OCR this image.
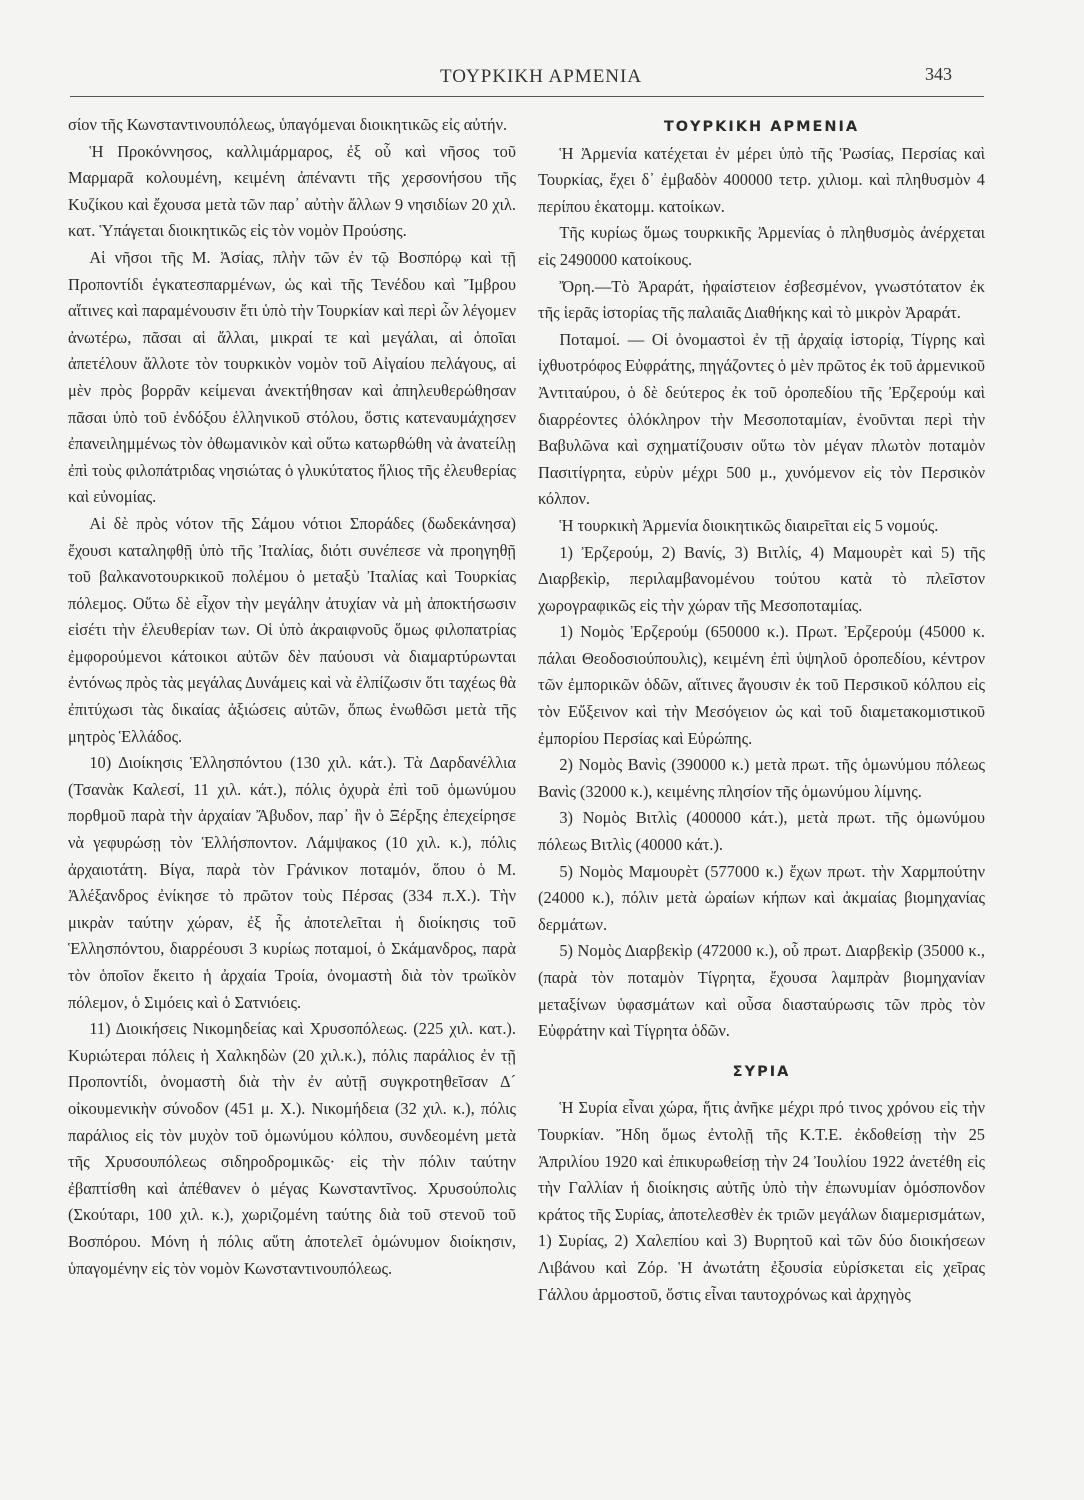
ΤΟΥΡΚΙΚΗ ΑΡΜΕΝΙΑ	343

σίον τῆς Κωνσταντινουπόλεως, ὑπαγόμεναι διοικητικῶς εἰς αὐτήν.

Ἡ Προκόννησος, καλλιμάρμαρος, ἐξ οὗ καὶ νῆσος τοῦ Μαρμαρᾶ κολουμένη, κειμένη ἀπέναντι τῆς χερσονήσου τῆς Κυζίκου καὶ ἔχουσα μετὰ τῶν παρ᾽ αὐτὴν ἄλλων 9 νησιδίων 20 χιλ. κατ. Ὑπάγεται διοικητικῶς εἰς τὸν νομὸν Προύσης.

Αἱ νῆσοι τῆς Μ. Ἀσίας, πλὴν τῶν ἐν τῷ Βοσπόρῳ καὶ τῇ Προποντίδι ἐγκατεσπαρμένων, ὡς καὶ τῆς Τενέδου καὶ Ἴμβρου αἵτινες καὶ παραμένουσιν ἔτι ὑπὸ τὴν Τουρκίαν καὶ περὶ ὧν λέγομεν ἀνωτέρω, πᾶσαι αἱ ἄλλαι, μικραί τε καὶ μεγάλαι, αἱ ὁποῖαι ἀπετέλουν ἄλλοτε τὸν τουρκικὸν νομὸν τοῦ Αἰγαίου πελάγους, αἱ μὲν πρὸς βορρᾶν κείμεναι ἀνεκτήθησαν καὶ ἀπηλευθερώθησαν πᾶσαι ὑπὸ τοῦ ἐνδόξου ἑλληνικοῦ στόλου, ὅστις κατεναυμάχησεν ἐπανειλημμένως τὸν ὀθωμανικὸν καὶ οὕτω κατωρθώθη νὰ ἀνατείλῃ ἐπὶ τοὺς φιλοπάτριδας νησιώτας ὁ γλυκύτατος ἥλιος τῆς ἐλευθερίας καὶ εὐνομίας.

Αἱ δὲ πρὸς νότον τῆς Σάμου νότιοι Σποράδες (δωδεκάνησα) ἔχουσι καταληφθῇ ὑπὸ τῆς Ἰταλίας, διότι συνέπεσε νὰ προηγηθῇ τοῦ βαλκανοτουρκικοῦ πολέμου ὁ μεταξὺ Ἰταλίας καὶ Τουρκίας πόλεμος. Οὕτω δὲ εἶχον τὴν μεγάλην ἀτυχίαν νὰ μὴ ἀποκτήσωσιν εἰσέτι τὴν ἐλευθερίαν των. Οἱ ὑπὸ ἀκραιφνοῦς ὅμως φιλοπατρίας ἐμφορούμενοι κάτοικοι αὐτῶν δὲν παύουσι νὰ διαμαρτύρωνται ἐντόνως πρὸς τὰς μεγάλας Δυνάμεις καὶ νὰ ἐλπίζωσιν ὅτι ταχέως θὰ ἐπιτύχωσι τὰς δικαίας ἀξιώσεις αὐτῶν, ὅπως ἑνωθῶσι μετὰ τῆς μητρὸς Ἑλλάδος.

10) Διοίκησις Ἑλλησπόντου (130 χιλ. κάτ.). Τὰ Δαρδανέλλια (Τσανὰκ Καλεσί, 11 χιλ. κάτ.), πόλις ὀχυρὰ ἐπὶ τοῦ ὁμωνύμου πορθμοῦ παρὰ τὴν ἀρχαίαν Ἄβυδον, παρ᾽ ἣν ὁ Ξέρξης ἐπεχείρησε νὰ γεφυρώσῃ τὸν Ἑλλήσποντον. Λάμψακος (10 χιλ. κ.), πόλις ἀρχαιοτάτη. Βίγα, παρὰ τὸν Γράνικον ποταμόν, ὅπου ὁ Μ. Ἀλέξανδρος ἐνίκησε τὸ πρῶτον τοὺς Πέρσας (334 π.Χ.). Τὴν μικρὰν ταύτην χώραν, ἐξ ἧς ἀποτελεῖται ἡ διοίκησις τοῦ Ἑλλησπόντου, διαρρέουσι 3 κυρίως ποταμοί, ὁ Σκάμανδρος, παρὰ τὸν ὁποῖον ἔκειτο ἡ ἀρχαία Τροία, ὀνομαστὴ διὰ τὸν τρωϊκὸν πόλεμον, ὁ Σιμόεις καὶ ὁ Σατνιόεις.

11) Διοικήσεις Νικομηδείας καὶ Χρυσοπόλεως. (225 χιλ. κατ.). Κυριώτεραι πόλεις ἡ Χαλκηδὼν (20 χιλ.κ.), πόλις παράλιος ἐν τῇ Προποντίδι, ὀνομαστὴ διὰ τὴν ἐν αὐτῇ συγκροτηθεῖσαν Δ´ οἰκουμενικὴν σύνοδον (451 μ. Χ.). Νικομήδεια (32 χιλ. κ.), πόλις παράλιος εἰς τὸν μυχὸν τοῦ ὁμωνύμου κόλπου, συνδεομένη μετὰ τῆς Χρυσουπόλεως σιδηροδρομικῶς· εἰς τὴν πόλιν ταύτην ἐβαπτίσθη καὶ ἀπέθανεν ὁ μέγας Κωνσταντῖνος. Χρυσούπολις (Σκούταρι, 100 χιλ. κ.), χωριζομένη ταύτης διὰ τοῦ στενοῦ τοῦ Βοσπόρου. Μόνη ἡ πόλις αὕτη ἀποτελεῖ ὁμώνυμον διοίκησιν, ὑπαγομένην εἰς τὸν νομὸν Κωνσταντινουπόλεως.

ΤΟΥΡΚΙΚΗ ΑΡΜΕΝΙΑ

Ἡ Ἀρμενία κατέχεται ἐν μέρει ὑπὸ τῆς Ῥωσίας, Περσίας καὶ Τουρκίας, ἔχει δ᾽ ἐμβαδὸν 400000 τετρ. χιλιομ. καὶ πληθυσμὸν 4 περίπου ἑκατομμ. κατοίκων.

Τῆς κυρίως ὅμως τουρκικῆς Ἀρμενίας ὁ πληθυσμὸς ἀνέρχεται εἰς 2490000 κατοίκους.

Ὄρη.—Τὸ Ἀραράτ, ἡφαίστειον ἐσβεσμένον, γνωστότατον ἐκ τῆς ἱερᾶς ἱστορίας τῆς παλαιᾶς Διαθήκης καὶ τὸ μικρὸν Ἀραράτ.

Ποταμοί. — Οἱ ὀνομαστοὶ ἐν τῇ ἀρχαίᾳ ἱστορίᾳ, Τίγρης καὶ ἰχθυοτρόφος Εὐφράτης, πηγάζοντες ὁ μὲν πρῶτος ἐκ τοῦ ἀρμενικοῦ Ἀντιταύρου, ὁ δὲ δεύτερος ἐκ τοῦ ὀροπεδίου τῆς Ἐρζερούμ καὶ διαρρέοντες ὁλόκληρον τὴν Μεσοποταμίαν, ἑνοῦνται περὶ τὴν Βαβυλῶνα καὶ σχηματίζουσιν οὕτω τὸν μέγαν πλωτὸν ποταμὸν Πασιτίγρητα, εὐρὺν μέχρι 500 μ., χυνόμενον εἰς τὸν Περσικὸν κόλπον.

Ἡ τουρκικὴ Ἀρμενία διοικητικῶς διαιρεῖται εἰς 5 νομούς.

1) Ἐρζερούμ, 2) Βανίς, 3) Βιτλίς, 4) Μαμουρὲτ καὶ 5) τῆς Διαρβεκὶρ, περιλαμβανομένου τούτου κατὰ τὸ πλεῖστον χωρογραφικῶς εἰς τὴν χώραν τῆς Μεσοποταμίας.

1) Νομὸς Ἐρζερούμ (650000 κ.). Πρωτ. Ἐρζερούμ (45000 κ. πάλαι Θεοδοσιούπουλις), κειμένη ἐπὶ ὑψηλοῦ ὀροπεδίου, κέντρον τῶν ἐμπορικῶν ὁδῶν, αἵτινες ἄγουσιν ἐκ τοῦ Περσικοῦ κόλπου εἰς τὸν Εὔξεινον καὶ τὴν Μεσόγειον ὡς καὶ τοῦ διαμετακομιστικοῦ ἐμπορίου Περσίας καὶ Εὐρώπης.

2) Νομὸς Βανὶς (390000 κ.) μετὰ πρωτ. τῆς ὁμωνύμου πόλεως Βανὶς (32000 κ.), κειμένης πλησίον τῆς ὁμωνύμου λίμνης.

3) Νομὸς Βιτλὶς (400000 κάτ.), μετὰ πρωτ. τῆς ὁμωνύμου πόλεως Βιτλὶς (40000 κάτ.).

5) Νομὸς Μαμουρὲτ (577000 κ.) ἔχων πρωτ. τὴν Χαρμπούτην (24000 κ.), πόλιν μετὰ ὡραίων κήπων καὶ ἀκμαίας βιομηχανίας δερμάτων.

5) Νομὸς Διαρβεκὶρ (472000 κ.), οὗ πρωτ. Διαρβεκὶρ (35000 κ., (παρὰ τὸν ποταμὸν Τίγρητα, ἔχουσα λαμπρὰν βιομηχανίαν μεταξίνων ὑφασμάτων καὶ οὖσα διασταύρωσις τῶν πρὸς τὸν Εὐφράτην καὶ Τίγρητα ὁδῶν.

ΣΥΡΙΑ

Ἡ Συρία εἶναι χώρα, ἥτις ἀνῆκε μέχρι πρό τινος χρόνου εἰς τὴν Τουρκίαν. Ἤδη ὅμως ἐντολῇ τῆς Κ.Τ.Ε. ἐκδοθείσῃ τὴν 25 Ἀπριλίου 1920 καὶ ἐπικυρωθείσῃ τὴν 24 Ἰουλίου 1922 ἀνετέθη εἰς τὴν Γαλλίαν ἡ διοίκησις αὐτῆς ὑπὸ τὴν ἐπωνυμίαν ὁμόσπονδον κράτος τῆς Συρίας, ἀποτελεσθὲν ἐκ τριῶν μεγάλων διαμερισμάτων, 1) Συρίας, 2) Χαλεπίου καὶ 3) Βυρητοῦ καὶ τῶν δύο διοικήσεων Λιβάνου καὶ Ζόρ. Ἡ ἀνωτάτη ἐξουσία εὑρίσκεται εἰς χεῖρας Γάλλου ἁρμοστοῦ, ὅστις εἶναι ταυτοχρόνως καὶ ἀρχηγὸς
